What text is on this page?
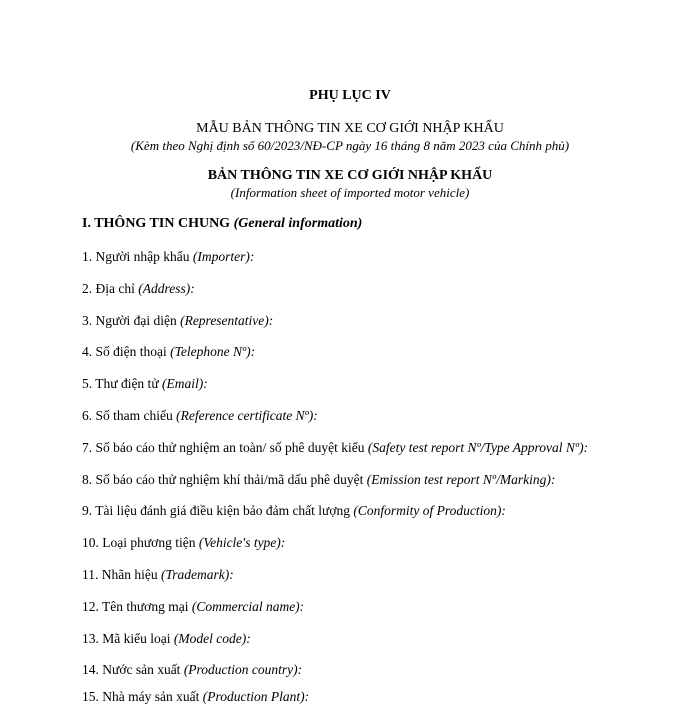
PHỤ LỤC IV
MẪU BẢN THÔNG TIN XE CƠ GIỚI NHẬP KHẨU
(Kèm theo Nghị định số 60/2023/NĐ-CP ngày 16 tháng 8 năm 2023 của Chính phủ)
BẢN THÔNG TIN XE CƠ GIỚI NHẬP KHẨU
(Information sheet of imported motor vehicle)
I. THÔNG TIN CHUNG (General information)
1. Người nhập khẩu (Importer):
2. Địa chỉ (Address):
3. Người đại diện (Representative):
4. Số điện thoại (Telephone Nº):
5. Thư điện tử (Email):
6. Số tham chiếu (Reference certificate Nº):
7. Số báo cáo thử nghiệm an toàn/ số phê duyệt kiểu (Safety test report Nº/Type Approval Nº):
8. Số báo cáo thử nghiệm khí thải/mã dấu phê duyệt (Emission test report Nº/Marking):
9. Tài liệu đánh giá điều kiện bảo đảm chất lượng (Conformity of Production):
10. Loại phương tiện (Vehicle's type):
11. Nhãn hiệu (Trademark):
12. Tên thương mại (Commercial name):
13. Mã kiểu loại (Model code):
14. Nước sản xuất (Production country):
15. Nhà máy sản xuất (Production Plant):
